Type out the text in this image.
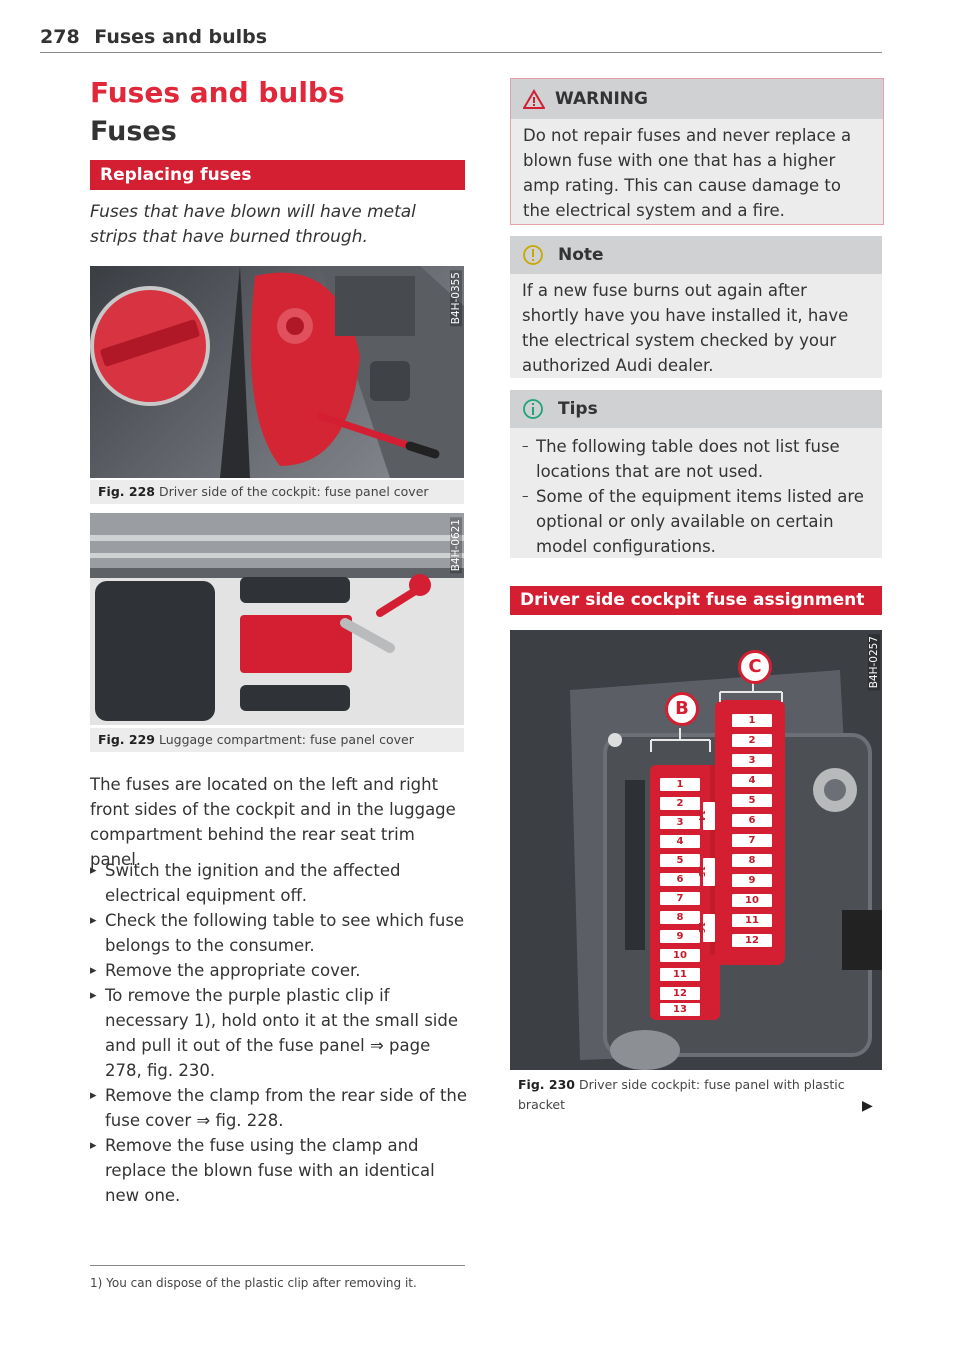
278 Fuses and bulbs
Fuses and bulbs
Fuses
Replacing fuses
Fuses that have blown will have metal strips that have burned through.
B4H-0355
Fig. 228 Driver side of the cockpit: fuse panel cover
B4H-0621
Fig. 229 Luggage compartment: fuse panel cover
The fuses are located on the left and right front sides of the cockpit and in the luggage compartment behind the rear seat trim panel.
▸ Switch the ignition and the affected electrical equipment off.
▸ Check the following table to see which fuse belongs to the consumer.
▸ Remove the appropriate cover.
▸ To remove the purple plastic clip if necessary 1), hold onto it at the small side and pull it out of the fuse panel ⇒ page 278, fig. 230.
▸ Remove the clamp from the rear side of the fuse cover ⇒ fig. 228.
▸ Remove the fuse using the clamp and replace the blown fuse with an identical new one.
1) You can dispose of the plastic clip after removing it.
WARNING
Do not repair fuses and never replace a blown fuse with one that has a higher amp rating. This can cause damage to the electrical system and a fire.
Note
If a new fuse burns out again after shortly have you have installed it, have the electrical system checked by your authorized Audi dealer.
Tips
– The following table does not list fuse locations that are not used.
– Some of the equipment items listed are optional or only available on certain model configurations.
Driver side cockpit fuse assignment
B
C
1
2
3
4
5
6
7
8
9
10
11
12
13
1
2
3
4
5
6
7
8
9
10
11
12
B4H-0257
Fig. 230 Driver side cockpit: fuse panel with plastic bracket	▶
